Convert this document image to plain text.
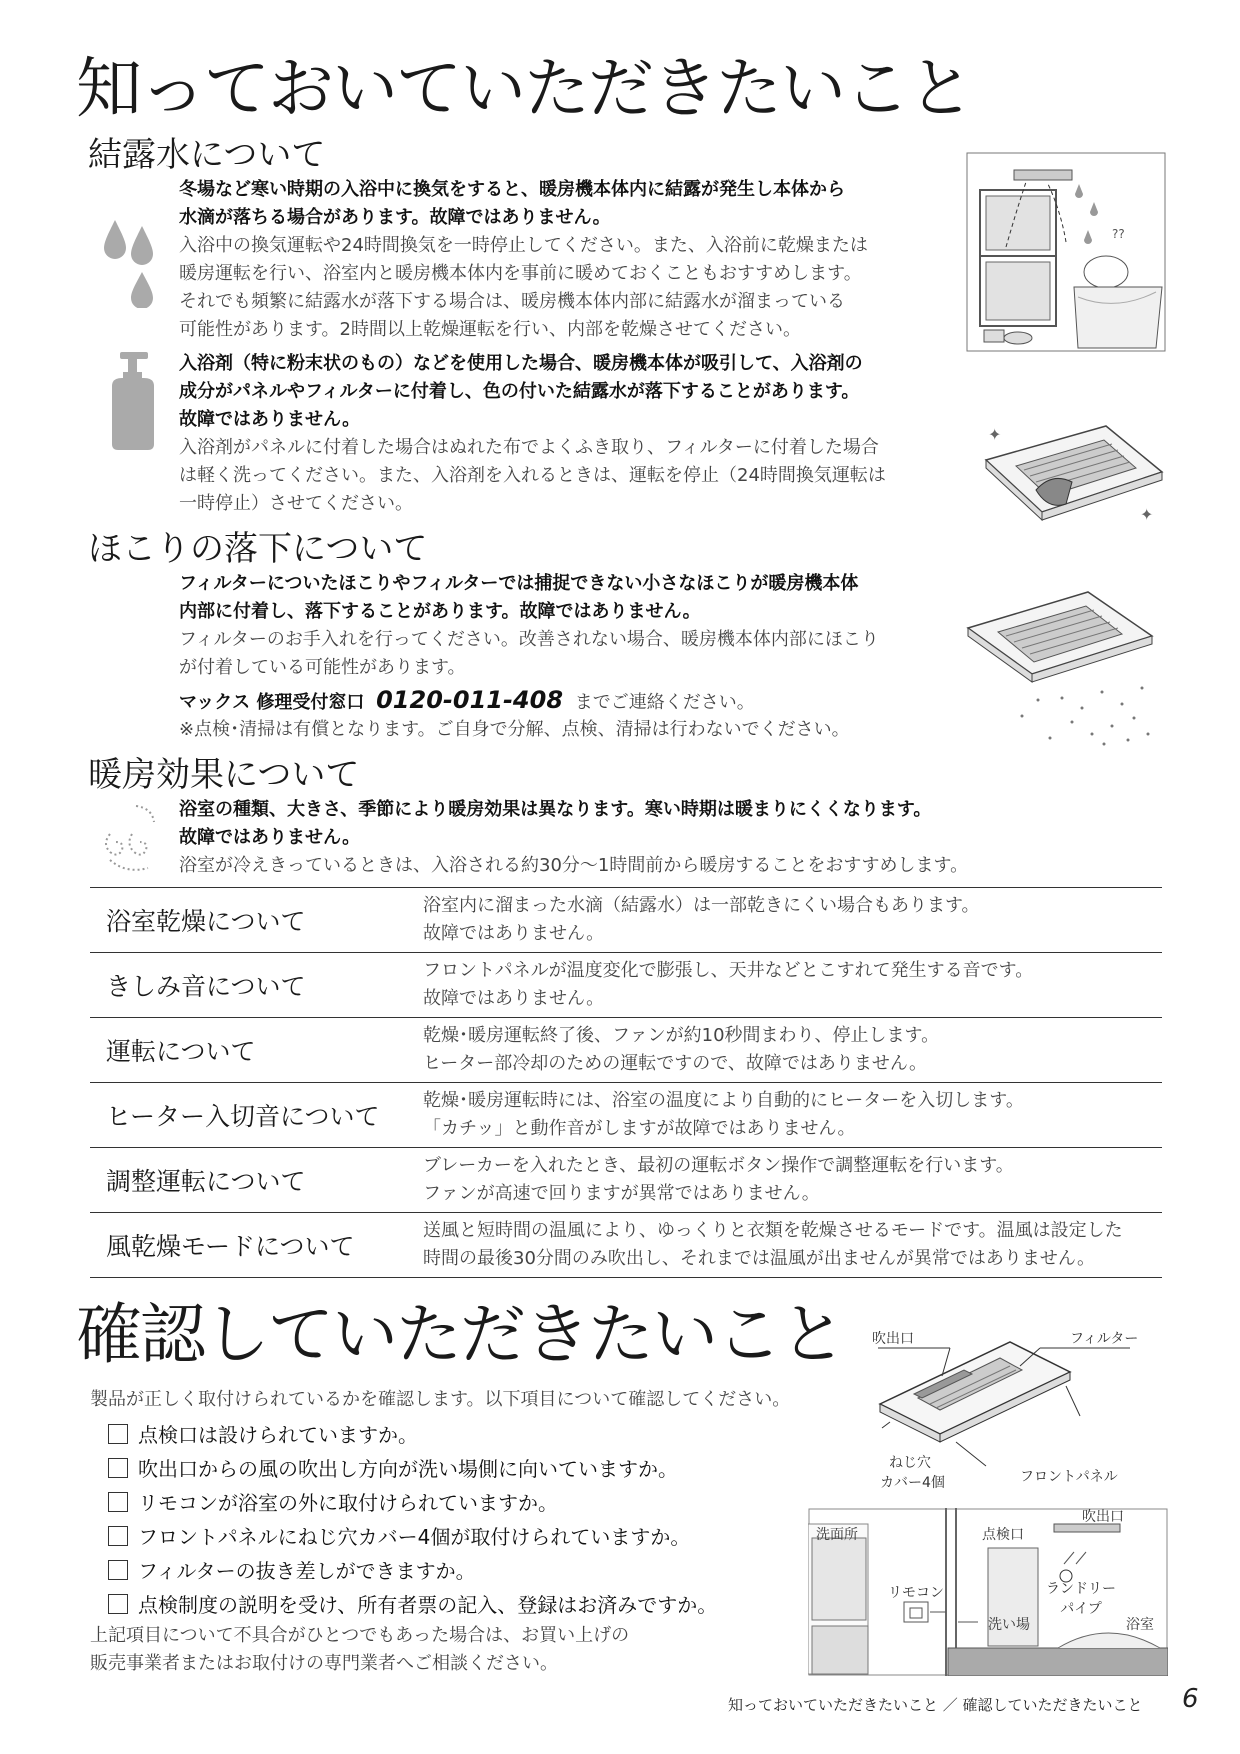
知っておいていただきたいこと
結露水について
冬場など寒い時期の入浴中に換気をすると、暖房機本体内に結露が発生し本体から
水滴が落ちる場合があります。故障ではありません。
入浴中の換気運転や24時間換気を一時停止してください。また、入浴前に乾燥または
暖房運転を行い、浴室内と暖房機本体内を事前に暖めておくこともおすすめします。
それでも頻繁に結露水が落下する場合は、暖房機本体内部に結露水が溜まっている
可能性があります。2時間以上乾燥運転を行い、内部を乾燥させてください。
??
入浴剤（特に粉末状のもの）などを使用した場合、暖房機本体が吸引して、入浴剤の
成分がパネルやフィルターに付着し、色の付いた結露水が落下することがあります。
故障ではありません。
入浴剤がパネルに付着した場合はぬれた布でよくふき取り、フィルターに付着した場合
は軽く洗ってください。また、入浴剤を入れるときは、運転を停止（24時間換気運転は
一時停止）させてください。
✦
✦
ほこりの落下について
フィルターについたほこりやフィルターでは捕捉できない小さなほこりが暖房機本体
内部に付着し、落下することがあります。故障ではありません。
フィルターのお手入れを行ってください。改善されない場合、暖房機本体内部にほこり
が付着している可能性があります。
マックス 修理受付窓口 0120-011-408 までご連絡ください。
※点検･清掃は有償となります。ご自身で分解、点検、清掃は行わないでください。
暖房効果について
浴室の種類、大きさ、季節により暖房効果は異なります。寒い時期は暖まりにくくなります。
故障ではありません。
浴室が冷えきっているときは、入浴される約30分～1時間前から暖房することをおすすめします。
浴室乾燥について	浴室内に溜まった水滴（結露水）は一部乾きにくい場合もあります。
故障ではありません。

きしみ音について	フロントパネルが温度変化で膨張し、天井などとこすれて発生する音です。
故障ではありません。

運転について	乾燥･暖房運転終了後、ファンが約10秒間まわり、停止します。
ヒーター部冷却のための運転ですので、故障ではありません。

ヒーター入切音について	乾燥･暖房運転時には、浴室の温度により自動的にヒーターを入切します。
「カチッ」と動作音がしますが故障ではありません。

調整運転について	ブレーカーを入れたとき、最初の運転ボタン操作で調整運転を行います。
ファンが高速で回りますが異常ではありません。

風乾燥モードについて	送風と短時間の温風により、ゆっくりと衣類を乾燥させるモードです。温風は設定した
時間の最後30分間のみ吹出し、それまでは温風が出ませんが異常ではありません。
確認していただきたいこと
製品が正しく取付けられているかを確認します。以下項目について確認してください。
点検口は設けられていますか。
吹出口からの風の吹出し方向が洗い場側に向いていますか。
リモコンが浴室の外に取付けられていますか。
フロントパネルにねじ穴カバー4個が取付けられていますか。
フィルターの抜き差しができますか。
点検制度の説明を受け、所有者票の記入、登録はお済みですか。
上記項目について不具合がひとつでもあった場合は、お買い上げの
販売事業者またはお取付けの専門業者へご相談ください。
吹出口	フィルター
ねじ穴
カバー4個	フロントパネル
洗面所	点検口
吹出口
リモコン	ランドリー
パイプ
洗い場	浴室
知っておいていただきたいこと ／ 確認していただきたいこと 6
